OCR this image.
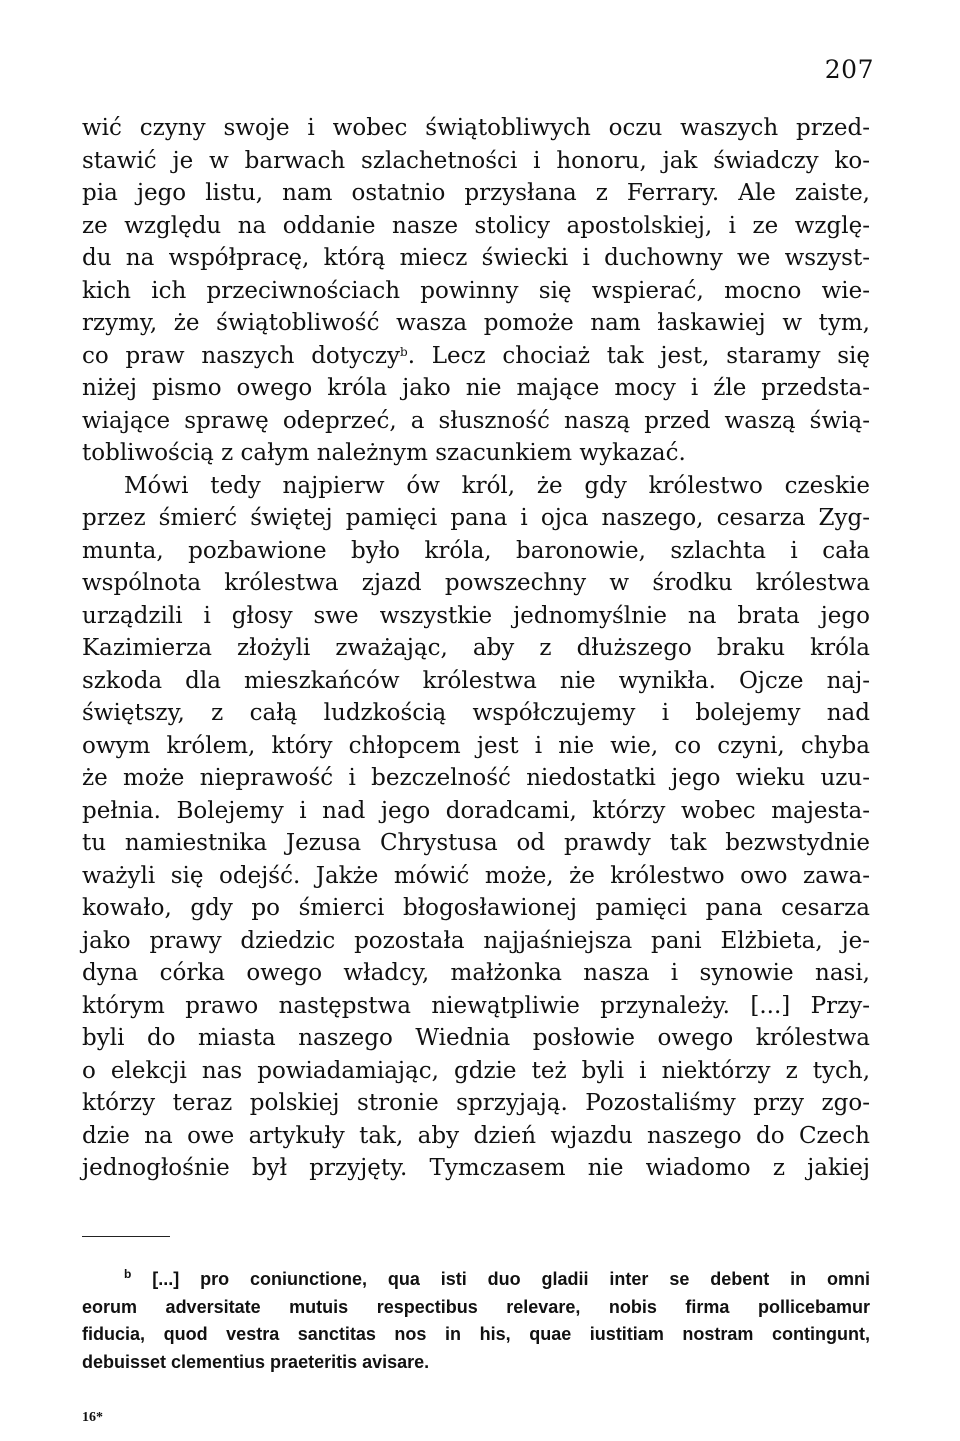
207
wić czyny swoje i wobec świątobliwych oczu waszych przed-
stawić je w barwach szlachetności i honoru, jak świadczy ko-
pia jego listu, nam ostatnio przysłana z Ferrary. Ale zaiste,
ze względu na oddanie nasze stolicy apostolskiej, i ze wzglę-
du na współpracę, którą miecz świecki i duchowny we wszyst-
kich ich przeciwnościach powinny się wspierać, mocno wie-
rzymy, że świątobliwość wasza pomoże nam łaskawiej w tym,
co praw naszych dotyczy$^b$. Lecz chociaż tak jest, staramy się
niżej pismo owego króla jako nie mające mocy i źle przedsta-
wiające sprawę odeprzeć, a słuszność naszą przed waszą świą-
tobliwością z całym należnym szacunkiem wykazać.
Mówi tedy najpierw ów król, że gdy królestwo czeskie
przez śmierć świętej pamięci pana i ojca naszego, cesarza Zyg-
munta, pozbawione było króla, baronowie, szlachta i cała
wspólnota królestwa zjazd powszechny w środku królestwa
urządzili i głosy swe wszystkie jednomyślnie na brata jego
Kazimierza złożyli zważając, aby z dłuższego braku króla
szkoda dla mieszkańców królestwa nie wynikła. Ojcze naj-
świętszy, z całą ludzkością współczujemy i bolejemy nad
owym królem, który chłopcem jest i nie wie, co czyni, chyba
że może nieprawość i bezczelność niedostatki jego wieku uzu-
pełnia. Bolejemy i nad jego doradcami, którzy wobec majesta-
tu namiestnika Jezusa Chrystusa od prawdy tak bezwstydnie
ważyli się odejść. Jakże mówić może, że królestwo owo zawa-
kowało, gdy po śmierci błogosławionej pamięci pana cesarza
jako prawy dziedzic pozostała najjaśniejsza pani Elżbieta, je-
dyna córka owego władcy, małżonka nasza i synowie nasi,
którym prawo następstwa niewątpliwie przynależy. [...] Przy-
byli do miasta naszego Wiednia posłowie owego królestwa
o elekcji nas powiadamiając, gdzie też byli i niektórzy z tych,
którzy teraz polskiej stronie sprzyjają. Pozostaliśmy przy zgo-
dzie na owe artykuły tak, aby dzień wjazdu naszego do Czech
jednogłośnie był przyjęty. Tymczasem nie wiadomo z jakiej
$^b$ [...] pro coniunctione, qua isti duo gladii inter se debent in omni
eorum adversitate mutuis respectibus relevare, nobis firma pollicebamur
fiducia, quod vestra sanctitas nos in his, quae iustitiam nostram contingunt,
debuisset clementius praeteritis avisare.
16*
